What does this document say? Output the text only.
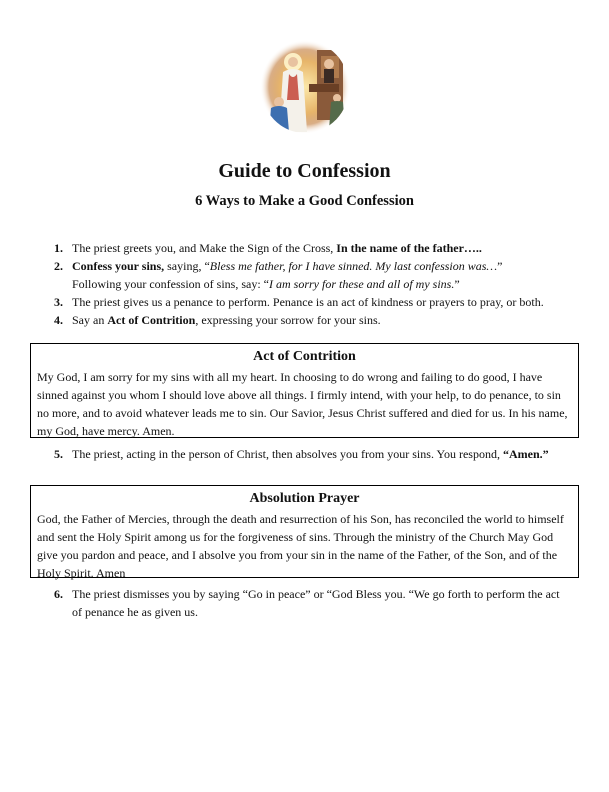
Guide to Confession
6 Ways to Make a Good Confession
1. The priest greets you, and Make the Sign of the Cross, In the name of the father…..
2. Confess your sins, saying, “Bless me father, for I have sinned. My last confession was…”
Following your confession of sins, say: “I am sorry for these and all of my sins.”
3. The priest gives us a penance to perform. Penance is an act of kindness or prayers to pray, or both.
4. Say an Act of Contrition, expressing your sorrow for your sins.
Act of Contrition
My God, I am sorry for my sins with all my heart. In choosing to do wrong and failing to do good, I have sinned against you whom I should love above all things. I firmly intend, with your help, to do penance, to sin no more, and to avoid whatever leads me to sin. Our Savior, Jesus Christ suffered and died for us. In his name, my God, have mercy. Amen.
5. The priest, acting in the person of Christ, then absolves you from your sins. You respond, “Amen.”
Absolution Prayer
God, the Father of Mercies, through the death and resurrection of his Son, has reconciled the world to himself and sent the Holy Spirit among us for the forgiveness of sins. Through the ministry of the Church May God give you pardon and peace, and I absolve you from your sin in the name of the Father, of the Son, and of the Holy Spirit. Amen
6. The priest dismisses you by saying “Go in peace” or “God Bless you. “We go forth to perform the act of penance he as given us.
